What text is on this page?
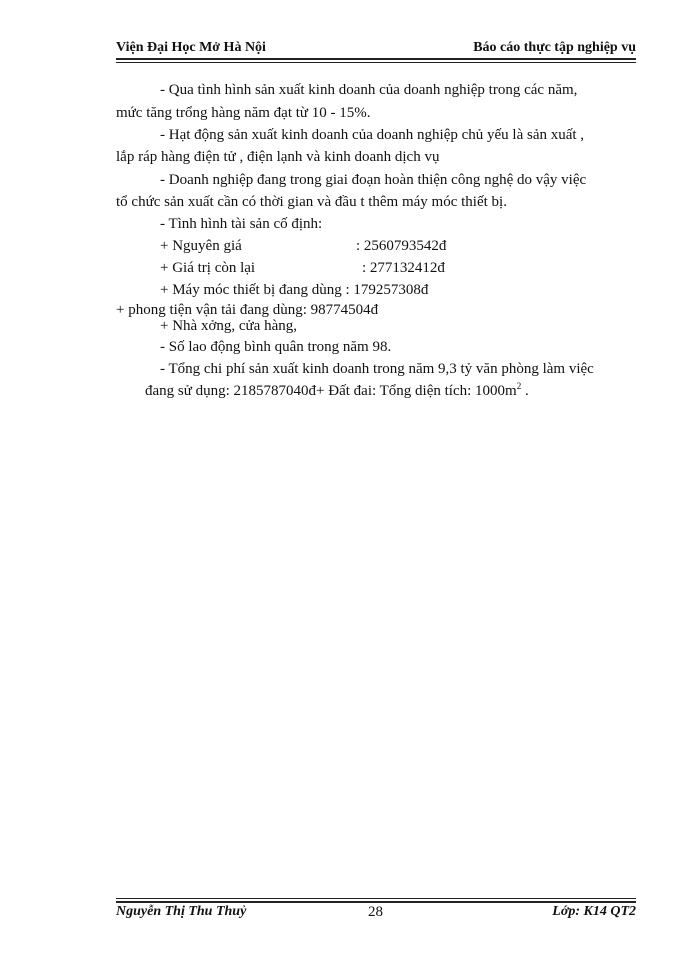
Viện Đại Học Mở Hà Nội	Báo cáo thực tập nghiệp vụ
- Qua tình hình sản xuất kinh doanh của doanh nghiệp trong các năm,
mức tăng trổng hàng năm đạt từ 10 - 15%.
- Hạt động sản xuất kinh doanh của doanh nghiệp chủ yếu là sản xuất ,
lắp ráp hàng điện tử , điện lạnh và kinh doanh dịch vụ
- Doanh nghiệp đang trong giai đoạn hoàn thiện công nghệ do vậy việc
tổ chức sản xuất cần có thời gian và đầu t thêm máy móc thiết bị.
- Tình hình tài sản cố định:
+ Nguyên giá	: 2560793542đ
+ Giá trị còn lại	: 277132412đ
+ Máy móc thiết bị đang dùng : 179257308đ
+ phong tiện vận tải đang dùng: 98774504đ
+ Nhà xởng, cửa hàng,
- Số lao động bình quân trong năm 98.
- Tổng chi phí sản xuất kinh doanh trong năm 9,3 tỷ văn phòng làm việc
đang sử dụng: 2185787040đ+ Đất đai: Tổng diện tích: $1000m^2$ .
Nguyễn Thị Thu Thuỷ	28	Lớp: K14 QT2
